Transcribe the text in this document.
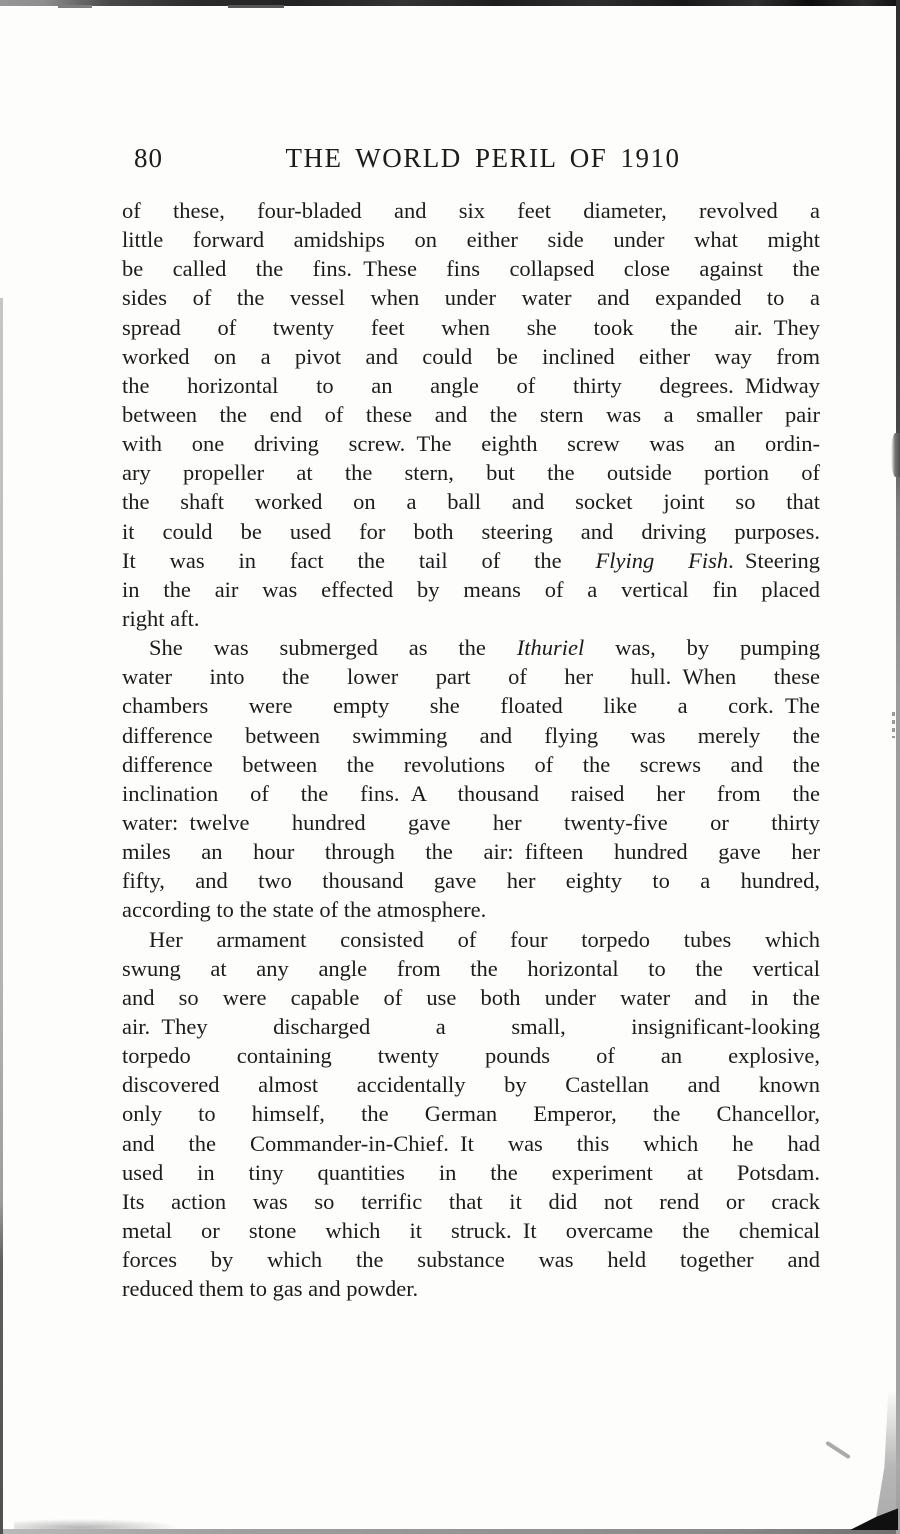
80	THE WORLD PERIL OF 1910
of these, four-bladed and six feet diameter, revolved a
little forward amidships on either side under what might
be called the fins. These fins collapsed close against the
sides of the vessel when under water and expanded to a
spread of twenty feet when she took the air. They
worked on a pivot and could be inclined either way from
the horizontal to an angle of thirty degrees. Midway
between the end of these and the stern was a smaller pair
with one driving screw. The eighth screw was an ordin-
ary propeller at the stern, but the outside portion of
the shaft worked on a ball and socket joint so that
it could be used for both steering and driving purposes.
It was in fact the tail of the Flying Fish. Steering
in the air was effected by means of a vertical fin placed
right aft.
She was submerged as the Ithuriel was, by pumping
water into the lower part of her hull. When these
chambers were empty she floated like a cork. The
difference between swimming and flying was merely the
difference between the revolutions of the screws and the
inclination of the fins. A thousand raised her from the
water: twelve hundred gave her twenty-five or thirty
miles an hour through the air: fifteen hundred gave her
fifty, and two thousand gave her eighty to a hundred,
according to the state of the atmosphere.
Her armament consisted of four torpedo tubes which
swung at any angle from the horizontal to the vertical
and so were capable of use both under water and in the
air. They discharged a small, insignificant-looking
torpedo containing twenty pounds of an explosive,
discovered almost accidentally by Castellan and known
only to himself, the German Emperor, the Chancellor,
and the Commander-in-Chief. It was this which he had
used in tiny quantities in the experiment at Potsdam.
Its action was so terrific that it did not rend or crack
metal or stone which it struck. It overcame the chemical
forces by which the substance was held together and
reduced them to gas and powder.
